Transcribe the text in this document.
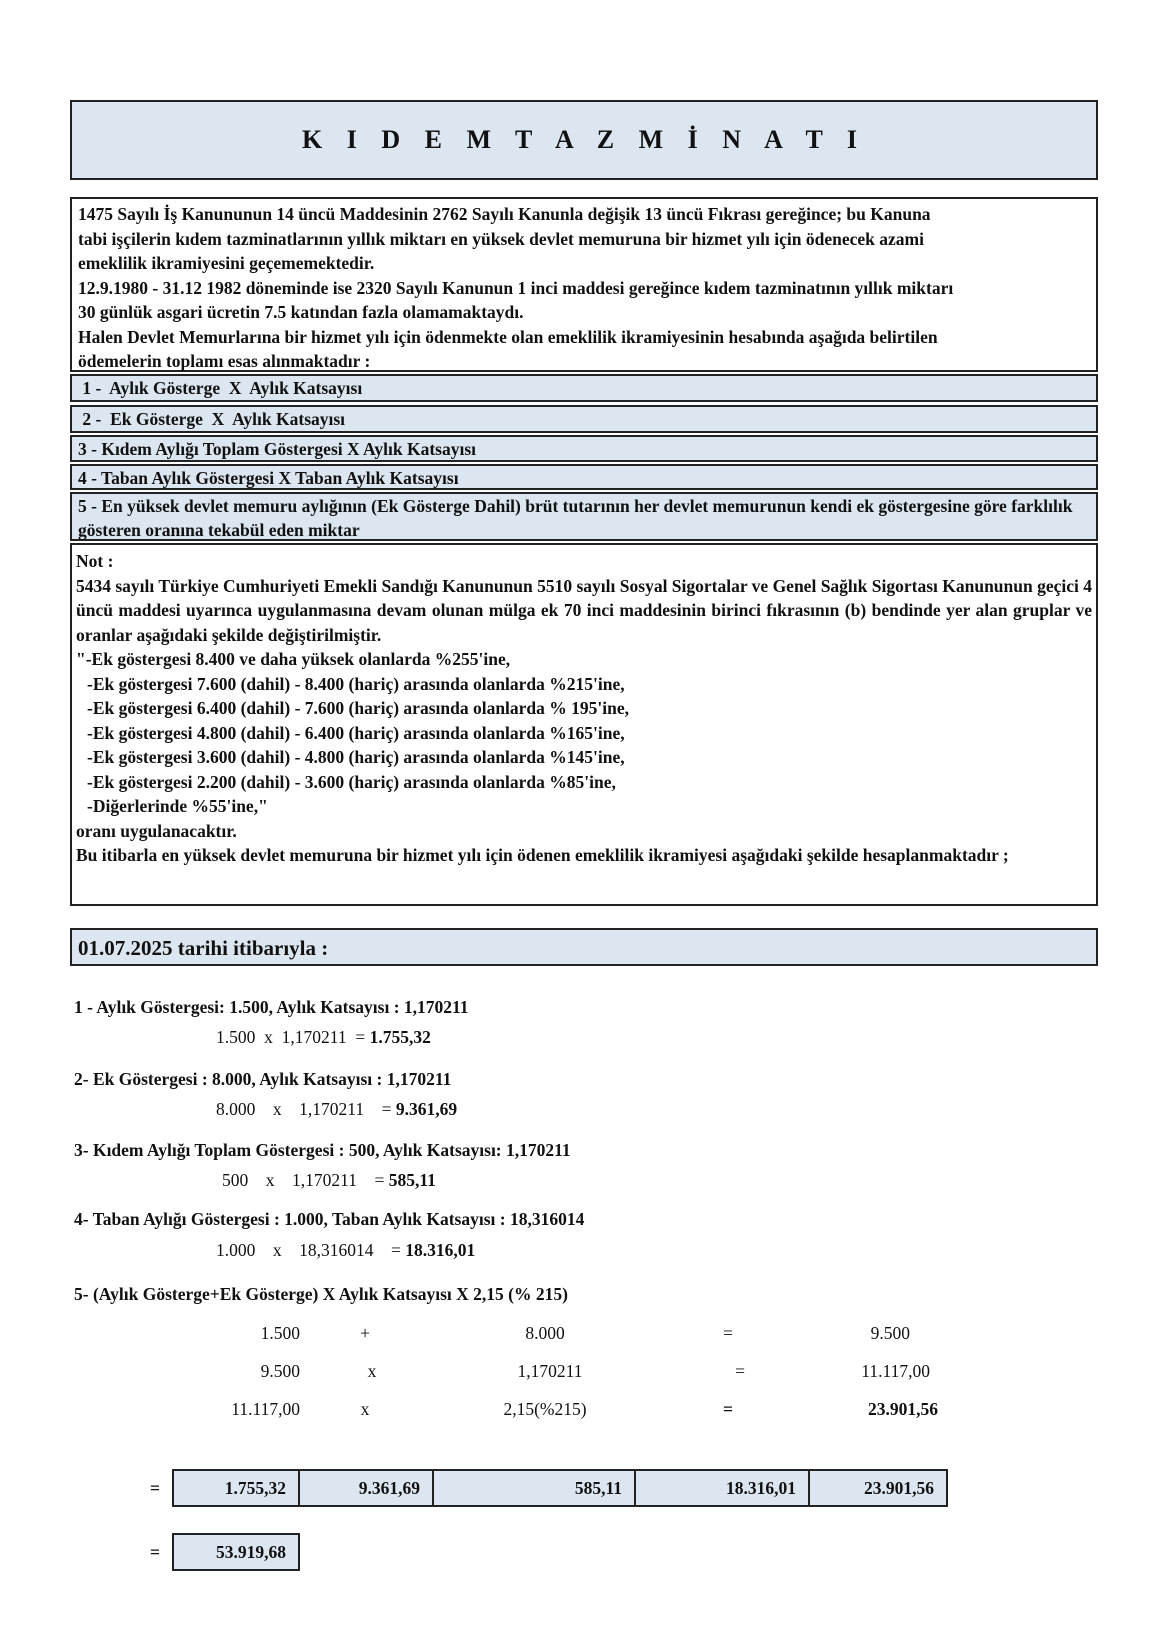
K I D E M T A Z M İ N A T I
1475 Sayılı İş Kanununun 14 üncü Maddesinin 2762 Sayılı Kanunla değişik 13 üncü Fıkrası gereğince; bu Kanuna
tabi işçilerin kıdem tazminatlarının yıllık miktarı en yüksek devlet memuruna bir hizmet yılı için ödenecek azami
emeklilik ikramiyesini geçememektedir.
12.9.1980 - 31.12 1982 döneminde ise 2320 Sayılı Kanunun 1 inci maddesi gereğince kıdem tazminatının yıllık miktarı
30 günlük asgari ücretin 7.5 katından fazla olamamaktaydı.
Halen Devlet Memurlarına bir hizmet yılı için ödenmekte olan emeklilik ikramiyesinin hesabında aşağıda belirtilen
ödemelerin toplamı esas alınmaktadır :
1 -  Aylık Gösterge  X  Aylık Katsayısı
2 -  Ek Gösterge  X  Aylık Katsayısı
3 - Kıdem Aylığı Toplam Göstergesi X Aylık Katsayısı
4 - Taban Aylık Göstergesi X Taban Aylık Katsayısı
5 - En yüksek devlet memuru aylığının (Ek Gösterge Dahil) brüt tutarının her devlet memurunun kendi ek göstergesine göre farklılık gösteren oranına tekabül eden miktar
Not :
5434 sayılı Türkiye Cumhuriyeti Emekli Sandığı Kanununun 5510 sayılı Sosyal Sigortalar ve Genel Sağlık Sigortası Kanununun geçici 4 üncü maddesi uyarınca uygulanmasına devam olunan mülga ek 70 inci maddesinin birinci fıkrasının (b) bendinde yer alan gruplar ve oranlar aşağıdaki şekilde değiştirilmiştir.
"-Ek göstergesi 8.400 ve daha yüksek olanlarda %255'ine,
-Ek göstergesi 7.600 (dahil) - 8.400 (hariç) arasında olanlarda %215'ine,
-Ek göstergesi 6.400 (dahil) - 7.600 (hariç) arasında olanlarda % 195'ine,
-Ek göstergesi 4.800 (dahil) - 6.400 (hariç) arasında olanlarda %165'ine,
-Ek göstergesi 3.600 (dahil) - 4.800 (hariç) arasında olanlarda %145'ine,
-Ek göstergesi 2.200 (dahil) - 3.600 (hariç) arasında olanlarda %85'ine,
-Diğerlerinde %55'ine,"
oranı uygulanacaktır.
Bu itibarla en yüksek devlet memuruna bir hizmet yılı için ödenen emeklilik ikramiyesi aşağıdaki şekilde hesaplanmaktadır ;
01.07.2025 tarihi itibarıyla :
1 - Aylık Göstergesi: 1.500, Aylık Katsayısı : 1,170211
1.500  x  1,170211  = 1.755,32
2- Ek Göstergesi : 8.000, Aylık Katsayısı : 1,170211
8.000    x    1,170211    = 9.361,69
3- Kıdem Aylığı Toplam Göstergesi : 500, Aylık Katsayısı: 1,170211
500    x    1,170211    = 585,11
4- Taban Aylığı Göstergesi : 1.000, Taban Aylık Katsayısı : 18,316014
1.000    x    18,316014    = 18.316,01
5- (Aylık Gösterge+Ek Gösterge) X Aylık Katsayısı X 2,15 (% 215)
1.500	+	8.000	=	9.500
9.500	x	1,170211	=	11.117,00
11.117,00	x	2,15(%215)	=	23.901,56
=	1.755,32	9.361,69	585,11	18.316,01	23.901,56
=	53.919,68
